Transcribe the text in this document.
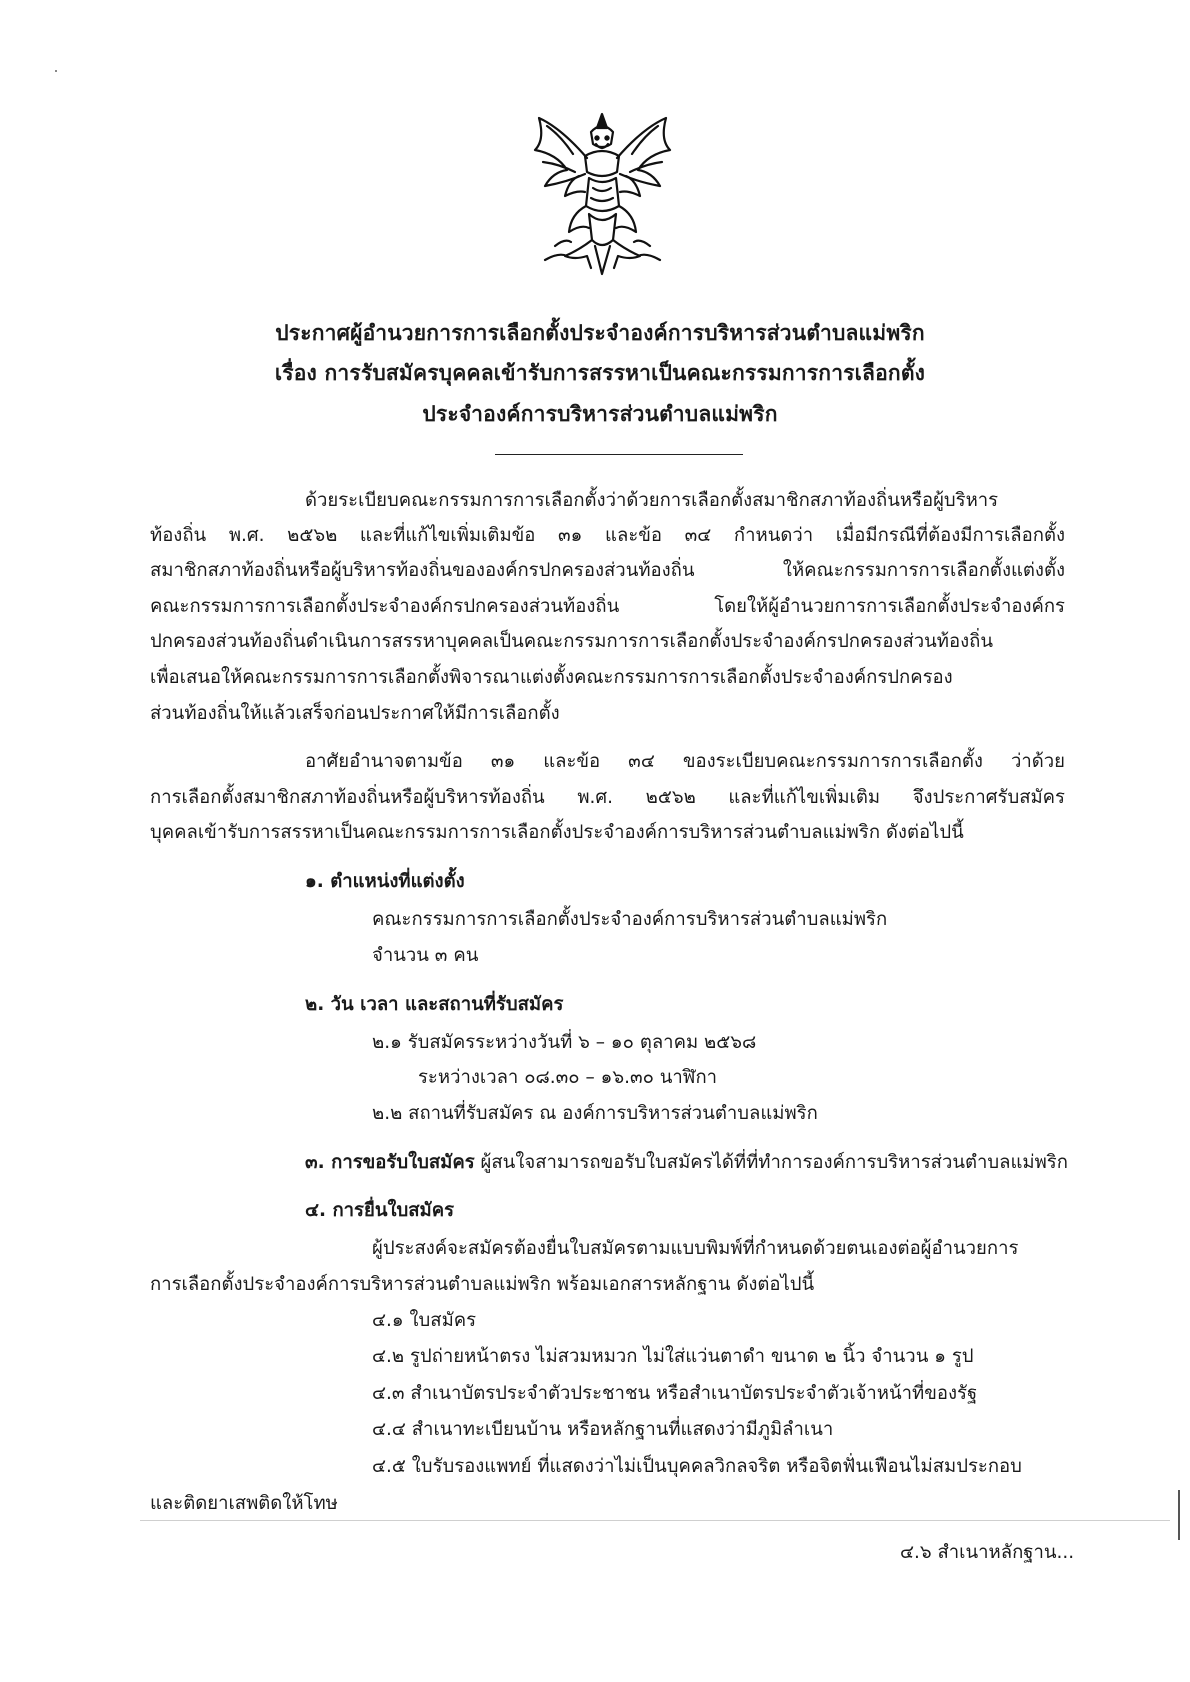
ประกาศผู้อำนวยการการเลือกตั้งประจำองค์การบริหารส่วนตำบลแม่พริก
เรื่อง การรับสมัครบุคคลเข้ารับการสรรหาเป็นคณะกรรมการการเลือกตั้ง
ประจำองค์การบริหารส่วนตำบลแม่พริก
ด้วยระเบียบคณะกรรมการการเลือกตั้งว่าด้วยการเลือกตั้งสมาชิกสภาท้องถิ่นหรือผู้บริหาร
ท้องถิ่น พ.ศ. ๒๕๖๒ และที่แก้ไขเพิ่มเติมข้อ ๓๑ และข้อ ๓๔ กำหนดว่า เมื่อมีกรณีที่ต้องมีการเลือกตั้ง
สมาชิกสภาท้องถิ่นหรือผู้บริหารท้องถิ่นขององค์กรปกครองส่วนท้องถิ่น ให้คณะกรรมการการเลือกตั้งแต่งตั้ง
คณะกรรมการการเลือกตั้งประจำองค์กรปกครองส่วนท้องถิ่น โดยให้ผู้อำนวยการการเลือกตั้งประจำองค์กร
ปกครองส่วนท้องถิ่นดำเนินการสรรหาบุคคลเป็นคณะกรรมการการเลือกตั้งประจำองค์กรปกครองส่วนท้องถิ่น
เพื่อเสนอให้คณะกรรมการการเลือกตั้งพิจารณาแต่งตั้งคณะกรรมการการเลือกตั้งประจำองค์กรปกครอง
ส่วนท้องถิ่นให้แล้วเสร็จก่อนประกาศให้มีการเลือกตั้ง
อาศัยอำนาจตามข้อ ๓๑ และข้อ ๓๔ ของระเบียบคณะกรรมการการเลือกตั้ง ว่าด้วย
การเลือกตั้งสมาชิกสภาท้องถิ่นหรือผู้บริหารท้องถิ่น พ.ศ. ๒๕๖๒ และที่แก้ไขเพิ่มเติม จึงประกาศรับสมัคร
บุคคลเข้ารับการสรรหาเป็นคณะกรรมการการเลือกตั้งประจำองค์การบริหารส่วนตำบลแม่พริก ดังต่อไปนี้
๑. ตำแหน่งที่แต่งตั้ง
คณะกรรมการการเลือกตั้งประจำองค์การบริหารส่วนตำบลแม่พริก
จำนวน ๓ คน
๒. วัน เวลา และสถานที่รับสมัคร
๒.๑ รับสมัครระหว่างวันที่ ๖ – ๑๐ ตุลาคม ๒๕๖๘
ระหว่างเวลา ๐๘.๓๐ – ๑๖.๓๐ นาฬิกา
๒.๒ สถานที่รับสมัคร ณ องค์การบริหารส่วนตำบลแม่พริก
๓. การขอรับใบสมัคร ผู้สนใจสามารถขอรับใบสมัครได้ที่ที่ทำการองค์การบริหารส่วนตำบลแม่พริก
๔. การยื่นใบสมัคร
ผู้ประสงค์จะสมัครต้องยื่นใบสมัครตามแบบพิมพ์ที่กำหนดด้วยตนเองต่อผู้อำนวยการ
การเลือกตั้งประจำองค์การบริหารส่วนตำบลแม่พริก พร้อมเอกสารหลักฐาน ดังต่อไปนี้
๔.๑ ใบสมัคร
๔.๒ รูปถ่ายหน้าตรง ไม่สวมหมวก ไม่ใส่แว่นตาดำ ขนาด ๒ นิ้ว จำนวน ๑ รูป
๔.๓ สำเนาบัตรประจำตัวประชาชน หรือสำเนาบัตรประจำตัวเจ้าหน้าที่ของรัฐ
๔.๔ สำเนาทะเบียนบ้าน หรือหลักฐานที่แสดงว่ามีภูมิลำเนา
๔.๕ ใบรับรองแพทย์ ที่แสดงว่าไม่เป็นบุคคลวิกลจริต หรือจิตฟั่นเฟือนไม่สมประกอบ
และติดยาเสพติดให้โทษ
๔.๖ สำเนาหลักฐาน...
